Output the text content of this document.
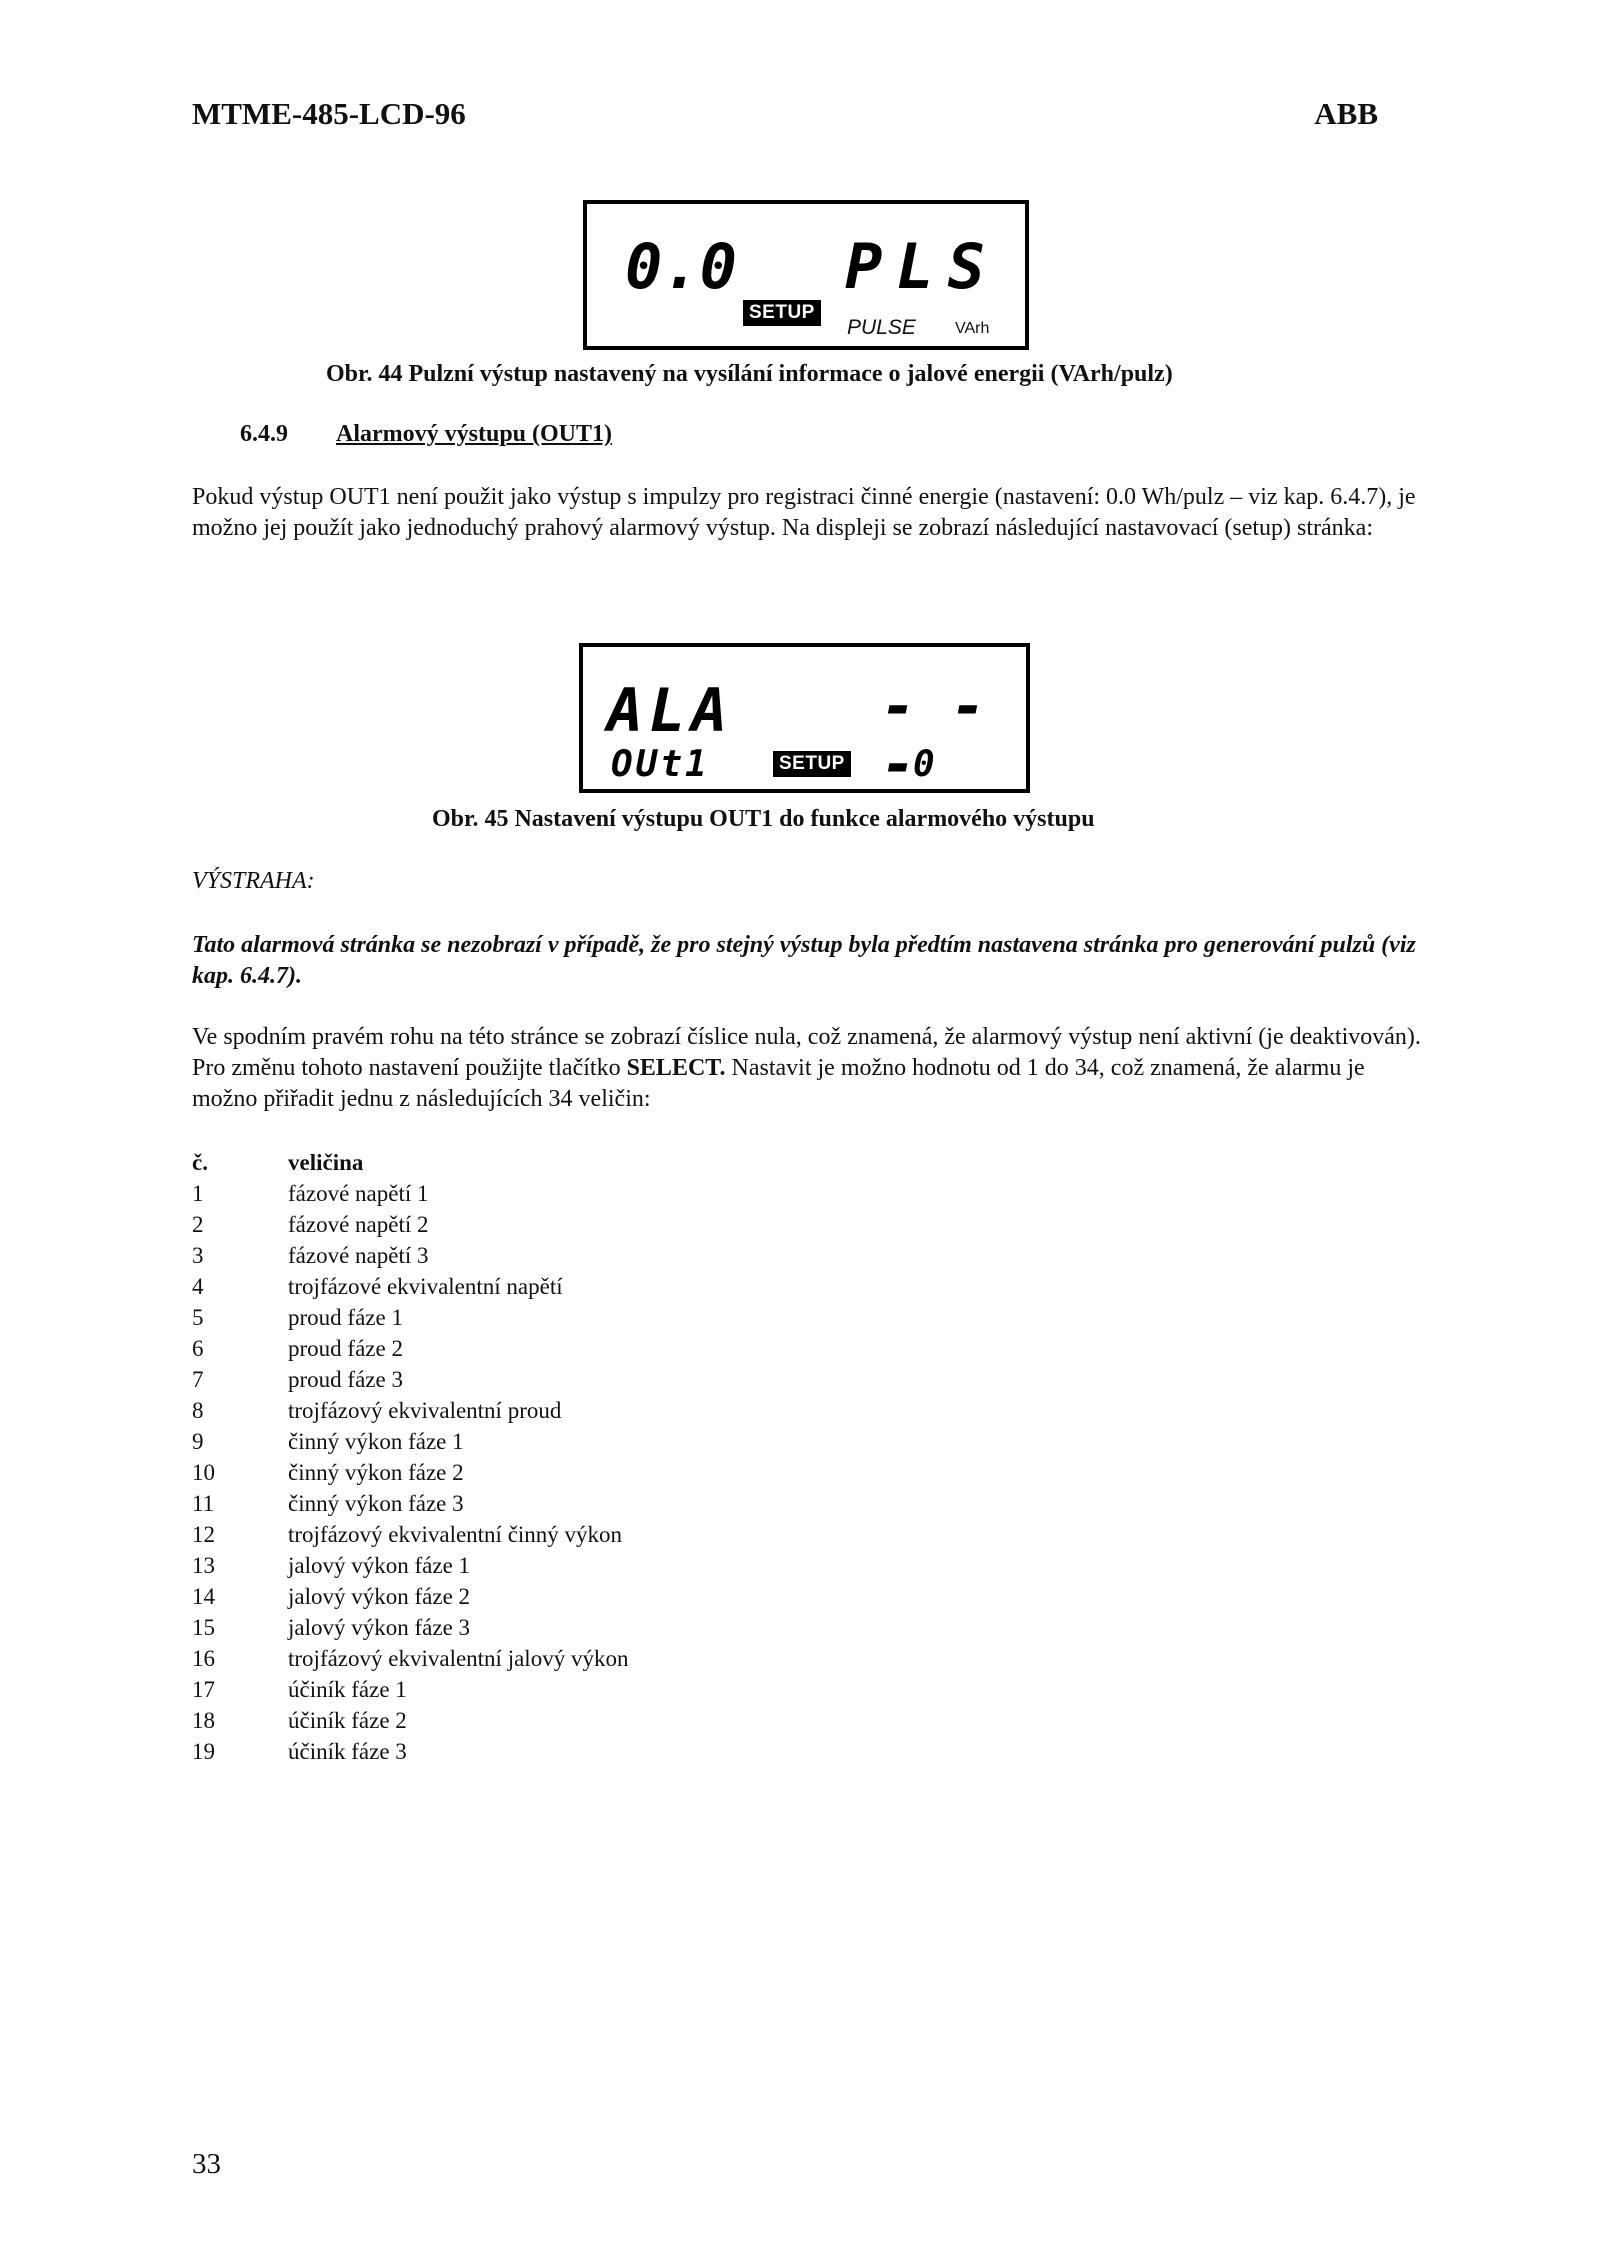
MTME-485-LCD-96	ABB
0.0 PLS
SETUP
PULSE VArh
Obr. 44 Pulzní výstup nastavený na vysílání informace o jalové energii (VArh/pulz)
6.4.9 Alarmový výstupu (OUT1)

Pokud výstup OUT1 není použit jako výstup s impulzy pro registraci činné energie (nastavení: 0.0 Wh/pulz – viz kap. 6.4.7), je možno jej použít jako jednoduchý prahový alarmový výstup. Na displeji se zobrazí následující nastavovací (setup) stránka:

ALA	- - -
OUt1	SETUP 0
Obr. 45 Nastavení výstupu OUT1 do funkce alarmového výstupu
VÝSTRAHA:

Tato alarmová stránka se nezobrazí v případě, že pro stejný výstup byla předtím nastavena stránka pro generování pulzů (viz kap. 6.4.7).

Ve spodním pravém rohu na této stránce se zobrazí číslice nula, což znamená, že alarmový výstup není aktivní (je deaktivován). Pro změnu tohoto nastavení použijte tlačítko SELECT. Nastavit je možno hodnotu od 1 do 34, což znamená, že alarmu je možno přiřadit jednu z následujících 34 veličin:

č.	veličina
1	fázové napětí 1
2	fázové napětí 2
3	fázové napětí 3
4	trojfázové ekvivalentní napětí
5	proud fáze 1
6	proud fáze 2
7	proud fáze 3
8	trojfázový ekvivalentní proud
9	činný výkon fáze 1
10	činný výkon fáze 2
11	činný výkon fáze 3
12	trojfázový ekvivalentní činný výkon
13	jalový výkon fáze 1
14	jalový výkon fáze 2
15	jalový výkon fáze 3
16	trojfázový ekvivalentní jalový výkon
17	účiník fáze 1
18	účiník fáze 2
19	účiník fáze 3
33
